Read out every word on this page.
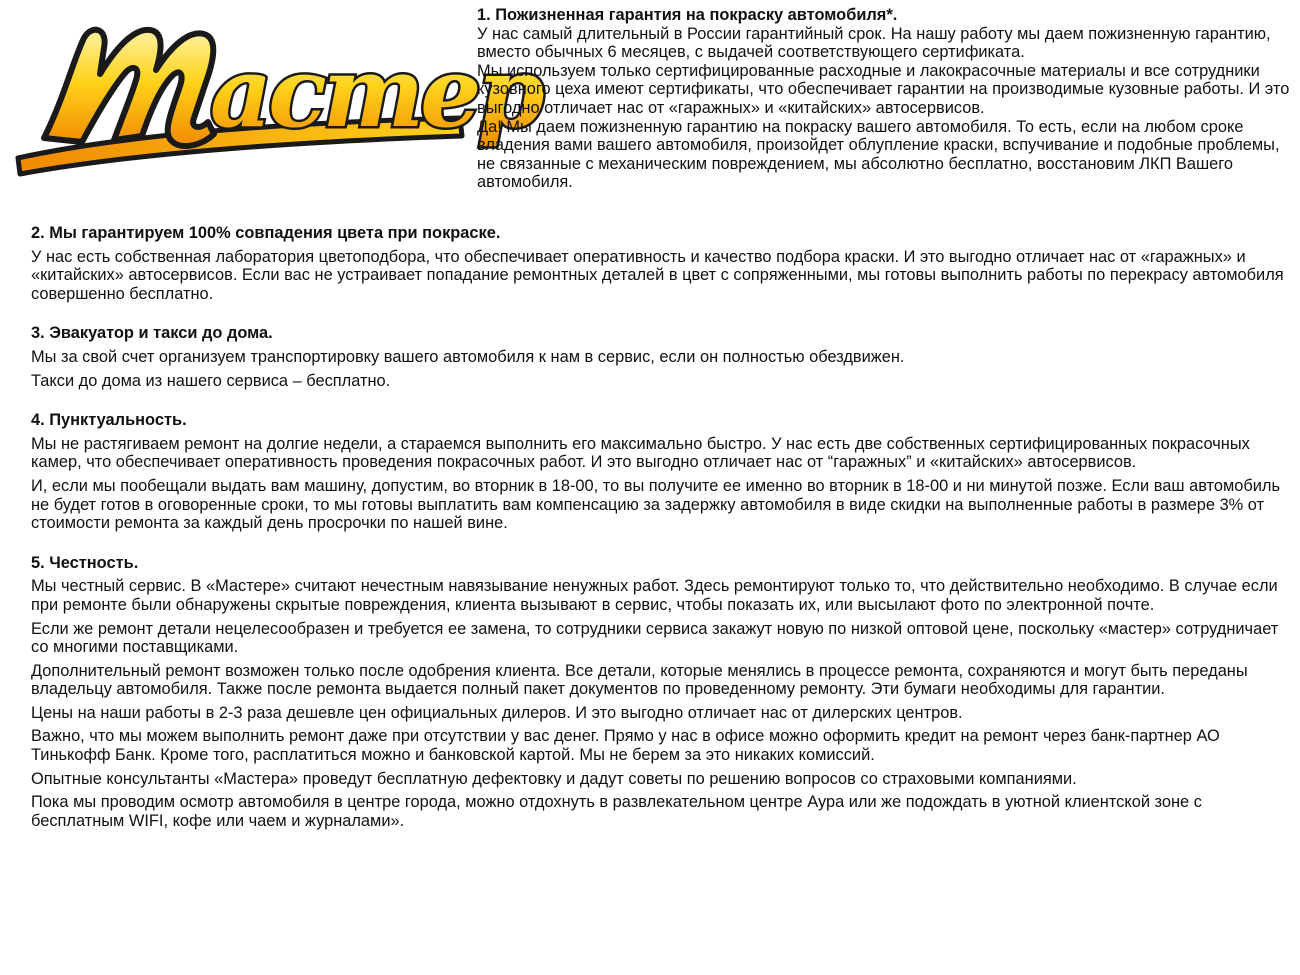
астер
1. Пожизненная гарантия на покраску автомобиля*.

У нас самый длительный в России гарантийный срок. На нашу работу мы даем пожизненную гарантию, вместо обычных 6 месяцев, с выдачей соответствующего сертификата.

Мы используем только сертифицированные расходные и лакокрасочные материалы и все сотрудники кузовного цеха имеют сертификаты, что обеспечивает гарантии на производимые кузовные работы. И это выгодно отличает нас от «гаражных» и «китайских» автосервисов.

Да! Мы даем пожизненную гарантию на покраску вашего автомобиля. То есть, если на любом сроке владения вами вашего автомобиля, произойдет облупление краски, вспучивание и подобные проблемы, не связанные с механическим повреждением, мы абсолютно бесплатно, восстановим ЛКП Вашего автомобиля.

2. Мы гарантируем 100% совпадения цвета при покраске.

У нас есть собственная лаборатория цветоподбора, что обеспечивает оперативность и качество подбора краски. И это выгодно отличает нас от «гаражных» и «китайских» автосервисов. Если вас не устраивает попадание ремонтных деталей в цвет с сопряженными, мы готовы выполнить работы по перекрасу автомобиля совершенно бесплатно.

3. Эвакуатор и такси до дома.

Мы за свой счет организуем транспортировку вашего автомобиля к нам в сервис, если он полностью обездвижен.

Такси до дома из нашего сервиса – бесплатно.

4. Пунктуальность.

Мы не растягиваем ремонт на долгие недели, а стараемся выполнить его максимально быстро. У нас есть две собственных сертифицированных покрасочных камер, что обеспечивает оперативность проведения покрасочных работ. И это выгодно отличает нас от “гаражных” и «китайских» автосервисов.

И, если мы пообещали выдать вам машину, допустим, во вторник в 18-00, то вы получите ее именно во вторник в 18-00 и ни минутой позже. Если ваш автомобиль не будет готов в оговоренные сроки, то мы готовы выплатить вам компенсацию за задержку автомобиля в виде скидки на выполненные работы в размере 3% от стоимости ремонта за каждый день просрочки по нашей вине.

5. Честность.

Мы честный сервис. В «Мастере» считают нечестным навязывание ненужных работ. Здесь ремонтируют только то, что действительно необходимо. В случае если при ремонте были обнаружены скрытые повреждения, клиента вызывают в сервис, чтобы показать их, или высылают фото по электронной почте.

Если же ремонт детали нецелесообразен и требуется ее замена, то сотрудники сервиса закажут новую по низкой оптовой цене, поскольку «мастер» сотрудничает со многими поставщиками.

Дополнительный ремонт возможен только после одобрения клиента. Все детали, которые менялись в процессе ремонта, сохраняются и могут быть переданы владельцу автомобиля. Также после ремонта выдается полный пакет документов по проведенному ремонту. Эти бумаги необходимы для гарантии.

Цены на наши работы в 2-3 раза дешевле цен официальных дилеров. И это выгодно отличает нас от дилерских центров.

Важно, что мы можем выполнить ремонт даже при отсутствии у вас денег. Прямо у нас в офисе можно оформить кредит на ремонт через банк-партнер АО Тинькофф Банк. Кроме того, расплатиться можно и банковской картой. Мы не берем за это никаких комиссий.

Опытные консультанты «Мастера» проведут бесплатную дефектовку и дадут советы по решению вопросов со страховыми компаниями.

Пока мы проводим осмотр автомобиля в центре города, можно отдохнуть в развлекательном центре Аура или же подождать в уютной клиентской зоне с бесплатным WIFI, кофе или чаем и журналами».
